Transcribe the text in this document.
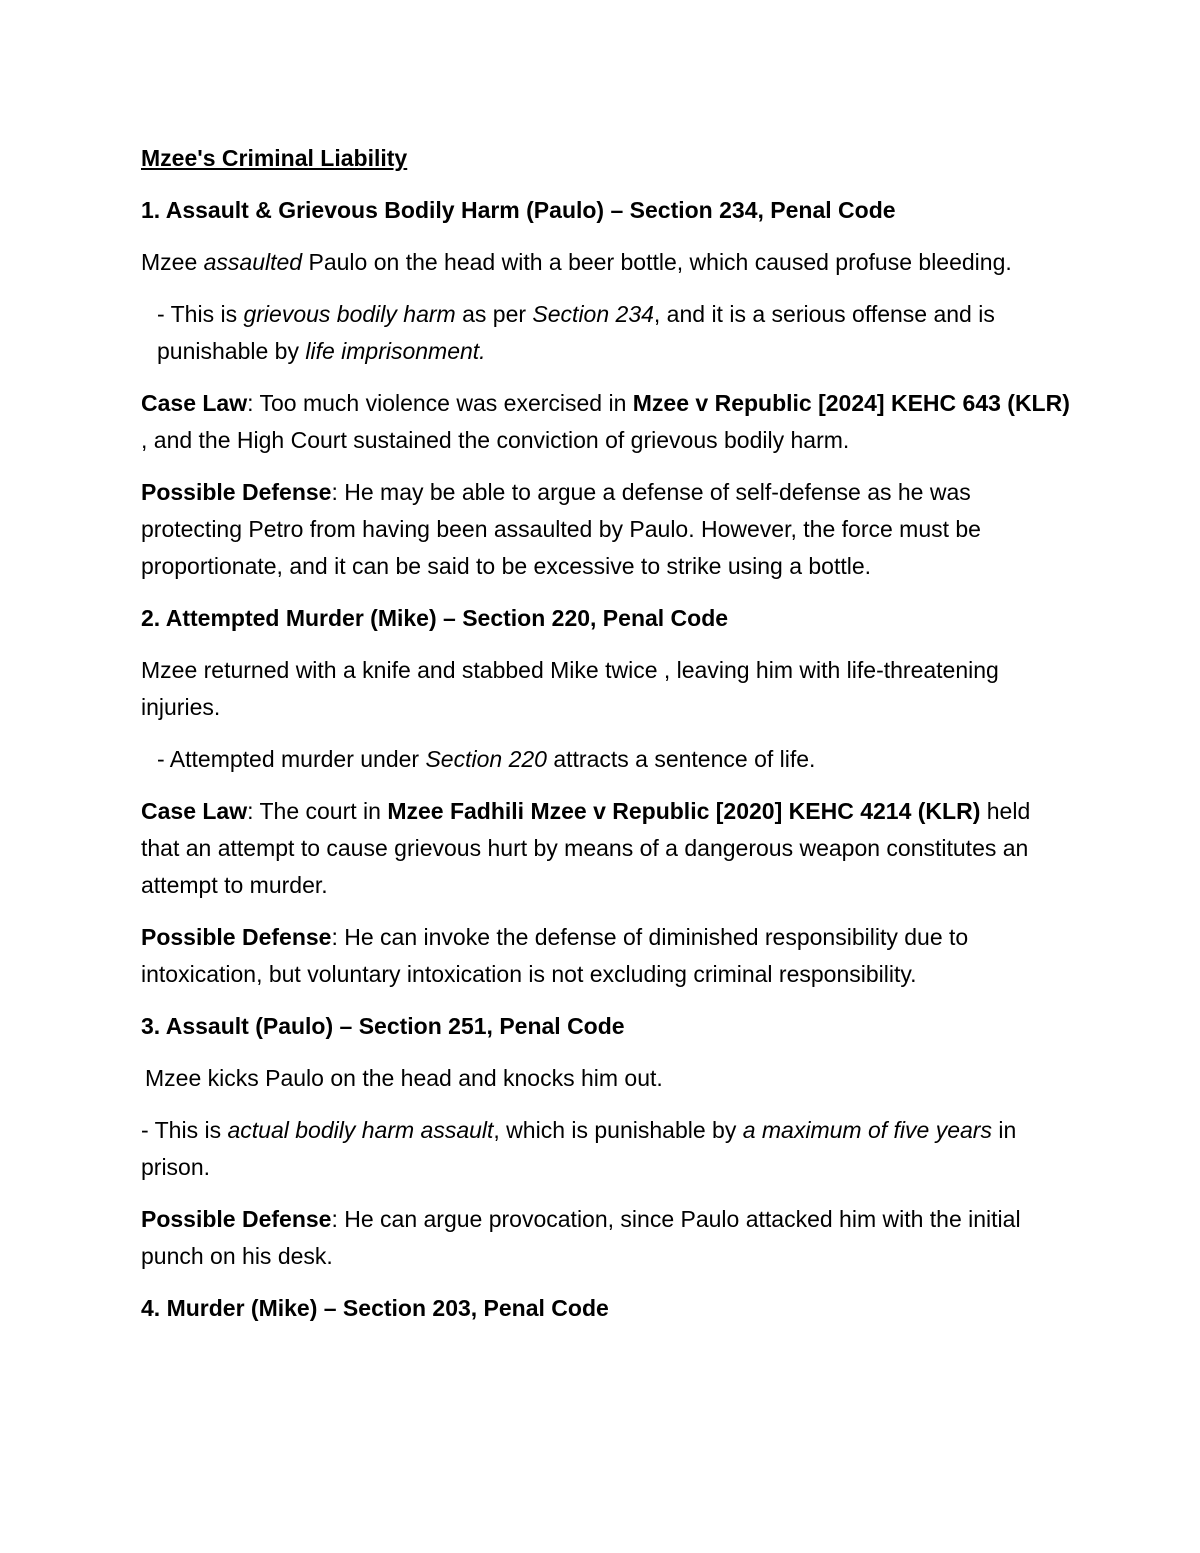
Mzee's Criminal Liability

1. Assault & Grievous Bodily Harm (Paulo) – Section 234, Penal Code

Mzee assaulted Paulo on the head with a beer bottle, which caused profuse bleeding.

- This is grievous bodily harm as per Section 234, and it is a serious offense and is punishable by life imprisonment.

Case Law: Too much violence was exercised in Mzee v Republic [2024] KEHC 643 (KLR) , and the High Court sustained the conviction of grievous bodily harm.

Possible Defense: He may be able to argue a defense of self-defense as he was protecting Petro from having been assaulted by Paulo. However, the force must be proportionate, and it can be said to be excessive to strike using a bottle.

2. Attempted Murder (Mike) – Section 220, Penal Code

Mzee returned with a knife and stabbed Mike twice , leaving him with life-threatening injuries.

- Attempted murder under Section 220 attracts a sentence of life.

Case Law: The court in Mzee Fadhili Mzee v Republic [2020] KEHC 4214 (KLR) held that an attempt to cause grievous hurt by means of a dangerous weapon constitutes an attempt to murder.

Possible Defense: He can invoke the defense of diminished responsibility due to intoxication, but voluntary intoxication is not excluding criminal responsibility.

3. Assault (Paulo) – Section 251, Penal Code

Mzee kicks Paulo on the head and knocks him out.

- This is actual bodily harm assault, which is punishable by a maximum of five years in prison.

Possible Defense: He can argue provocation, since Paulo attacked him with the initial punch on his desk.

4. Murder (Mike) – Section 203, Penal Code
